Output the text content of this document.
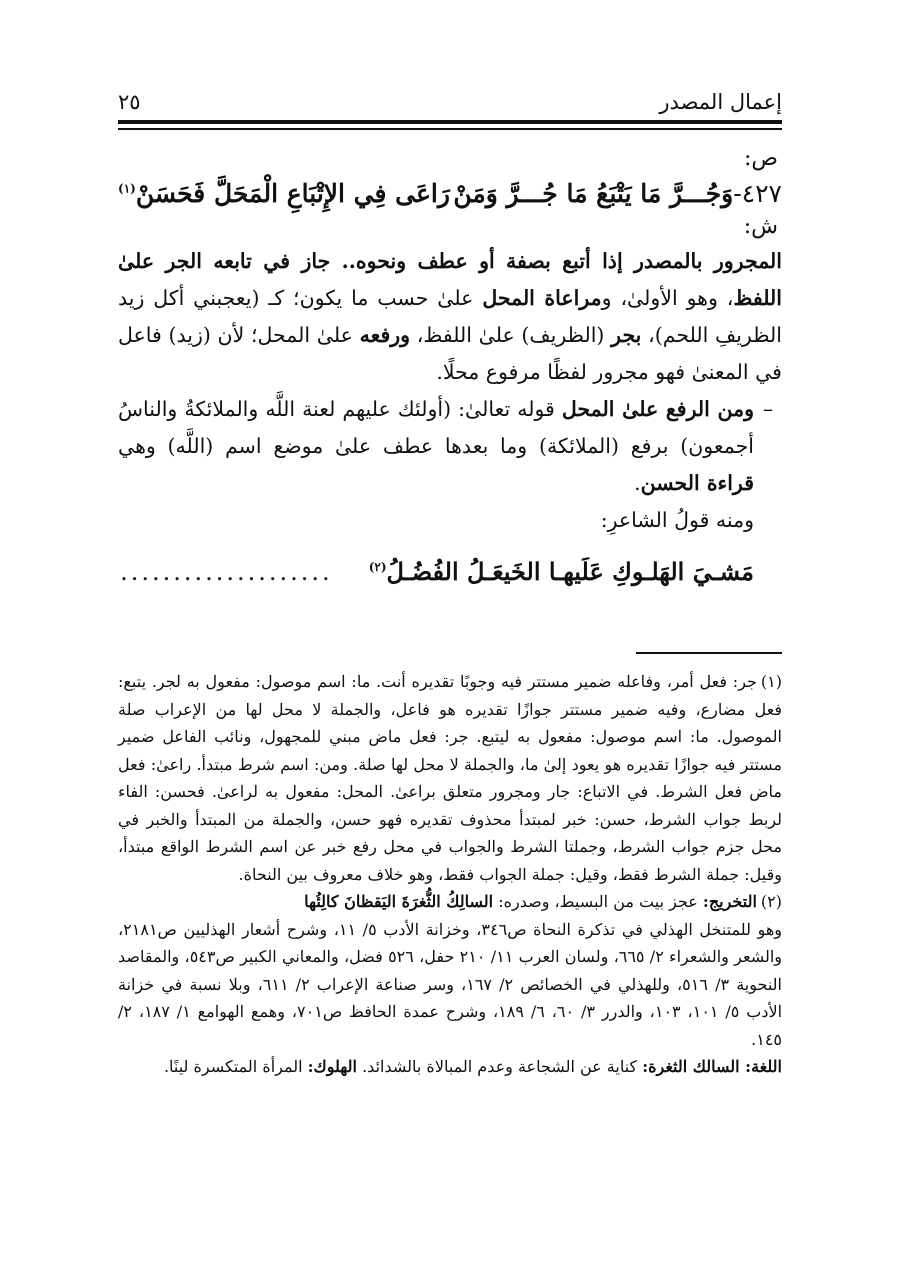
إعمال المصدر
٢٥
ص:
٤٢٧-وَجُـــرَّ مَا يَتْبَعُ مَا جُـــرَّ وَمَنْ
رَاعَى فِي الإِتْبَاعِ الْمَحَلَّ فَحَسَنْ$^{(١)}$
ش:

المجرور بالمصدر إذا أتبع بصفة أو عطف ونحوه.. جاز في تابعه الجر علىٰ اللفظ، وهو الأولىٰ، ومراعاة المحل علىٰ حسب ما يكون؛ كـ (يعجبني أكل زيد الظريفِ اللحم)، بجر (الظريف) علىٰ اللفظ، ورفعه علىٰ المحل؛ لأن (زيد) فاعل في المعنىٰ فهو مجرور لفظًا مرفوع محلًا.

–
ومن الرفع علىٰ المحل قوله تعالىٰ: (أولئك عليهم لعنة اللَّه والملائكةُ والناسُ أجمعون) برفع (الملائكة) وما بعدها عطف علىٰ موضع اسم (اللَّه) وهي قراءة الحسن.
ومنه قولُ الشاعرِ:
مَشـيَ الهَلـوكِ عَلَيهـا الخَيعَـلُ الفُضُـلُ$^{(٢)}$
....................

(١)جر: فعل أمر، وفاعله ضمير مستتر فيه وجوبًا تقديره أنت. ما: اسم موصول: مفعول به لجر. يتبع: فعل مضارع، وفيه ضمير مستتر جوازًا تقديره هو فاعل، والجملة لا محل لها من الإعراب صلة الموصول. ما: اسم موصول: مفعول به ليتبع. جر: فعل ماض مبني للمجهول، ونائب الفاعل ضمير مستتر فيه جوازًا تقديره هو يعود إلىٰ ما، والجملة لا محل لها صلة. ومن: اسم شرط مبتدأ. راعىٰ: فعل ماض فعل الشرط. في الاتباع: جار ومجرور متعلق براعىٰ. المحل: مفعول به لراعىٰ. فحسن: الفاء لربط جواب الشرط، حسن: خبر لمبتدأ محذوف تقديره فهو حسن، والجملة من المبتدأ والخبر في محل جزم جواب الشرط، وجملتا الشرط والجواب في محل رفع خبر عن اسم الشرط الواقع مبتدأ، وقيل: جملة الشرط فقط، وقيل: جملة الجواب فقط، وهو خلاف معروف بين النحاة.

(٢)التخريج: عجز بيت من البسيط، وصدره: السالِكُ الثُّغرَةَ اليَقظانَ كالِئُها

وهو للمتنخل الهذلي في تذكرة النحاة ص٣٤٦، وخزانة الأدب ٥/ ١١، وشرح أشعار الهذليين ص٢١٨١، والشعر والشعراء ٢/ ٦٦٥، ولسان العرب ١١/ ٢١٠ حفل، ٥٢٦ فضل، والمعاني الكبير ص٥٤٣، والمقاصد النحوية ٣/ ٥١٦، وللهذلي في الخصائص ٢/ ١٦٧، وسر صناعة الإعراب ٢/ ٦١١، وبلا نسبة في خزانة الأدب ٥/ ١٠١، ١٠٣، والدرر ٣/ ٦٠، ٦/ ١٨٩، وشرح عمدة الحافظ ص٧٠١، وهمع الهوامع ١/ ١٨٧، ٢/ ١٤٥.

اللغة: السالك الثغرة: كناية عن الشجاعة وعدم المبالاة بالشدائد. الهلوك: المرأة المتكسرة لينًا.
